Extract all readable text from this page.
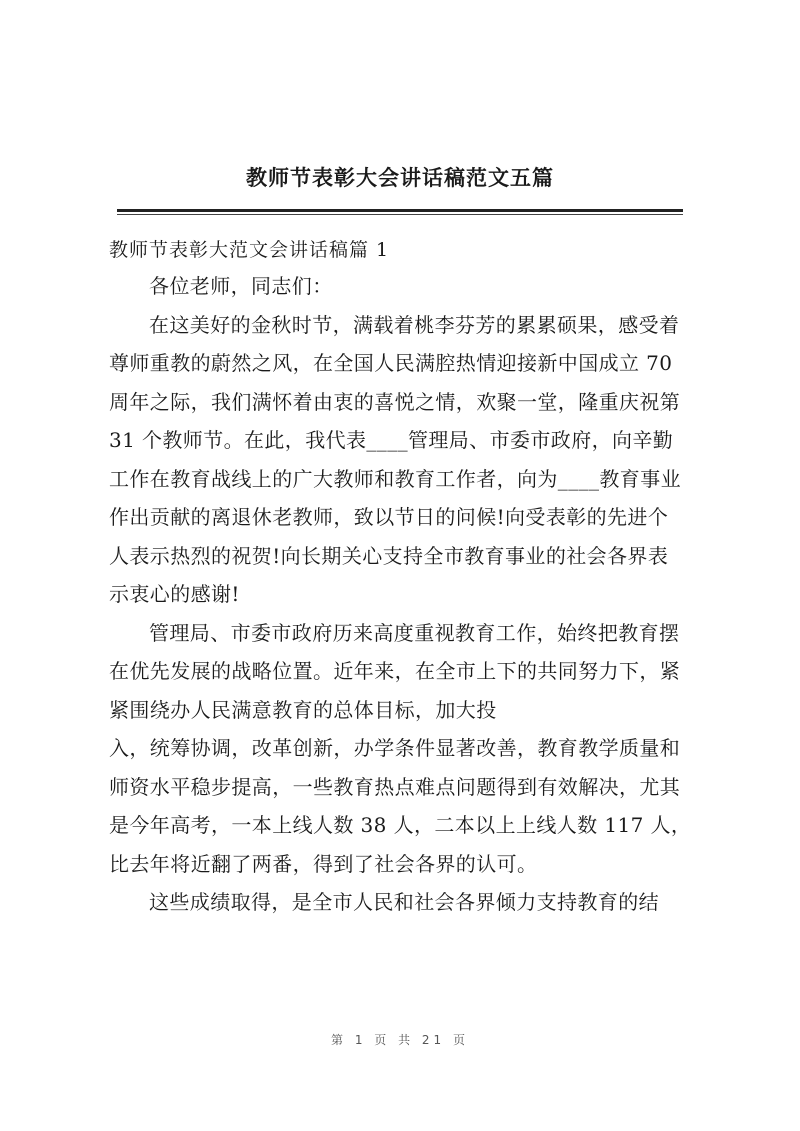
教师节表彰大会讲话稿范文五篇
教师节表彰大范文会讲话稿篇 1
各位老师，同志们：
在这美好的金秋时节，满载着桃李芬芳的累累硕果，感受着
尊师重教的蔚然之风，在全国人民满腔热情迎接新中国成立 70
周年之际，我们满怀着由衷的喜悦之情，欢聚一堂，隆重庆祝第
31 个教师节。在此，我代表____管理局、市委市政府，向辛勤
工作在教育战线上的广大教师和教育工作者，向为____教育事业
作出贡献的离退休老教师，致以节日的问候!向受表彰的先进个
人表示热烈的祝贺!向长期关心支持全市教育事业的社会各界表
示衷心的感谢!
管理局、市委市政府历来高度重视教育工作，始终把教育摆
在优先发展的战略位置。近年来，在全市上下的共同努力下，紧
紧围绕办人民满意教育的总体目标，加大投
入，统筹协调，改革创新，办学条件显著改善，教育教学质量和
师资水平稳步提高，一些教育热点难点问题得到有效解决，尤其
是今年高考，一本上线人数 38 人，二本以上上线人数 117 人，
比去年将近翻了两番，得到了社会各界的认可。
这些成绩取得，是全市人民和社会各界倾力支持教育的结
第 1 页 共 21 页
